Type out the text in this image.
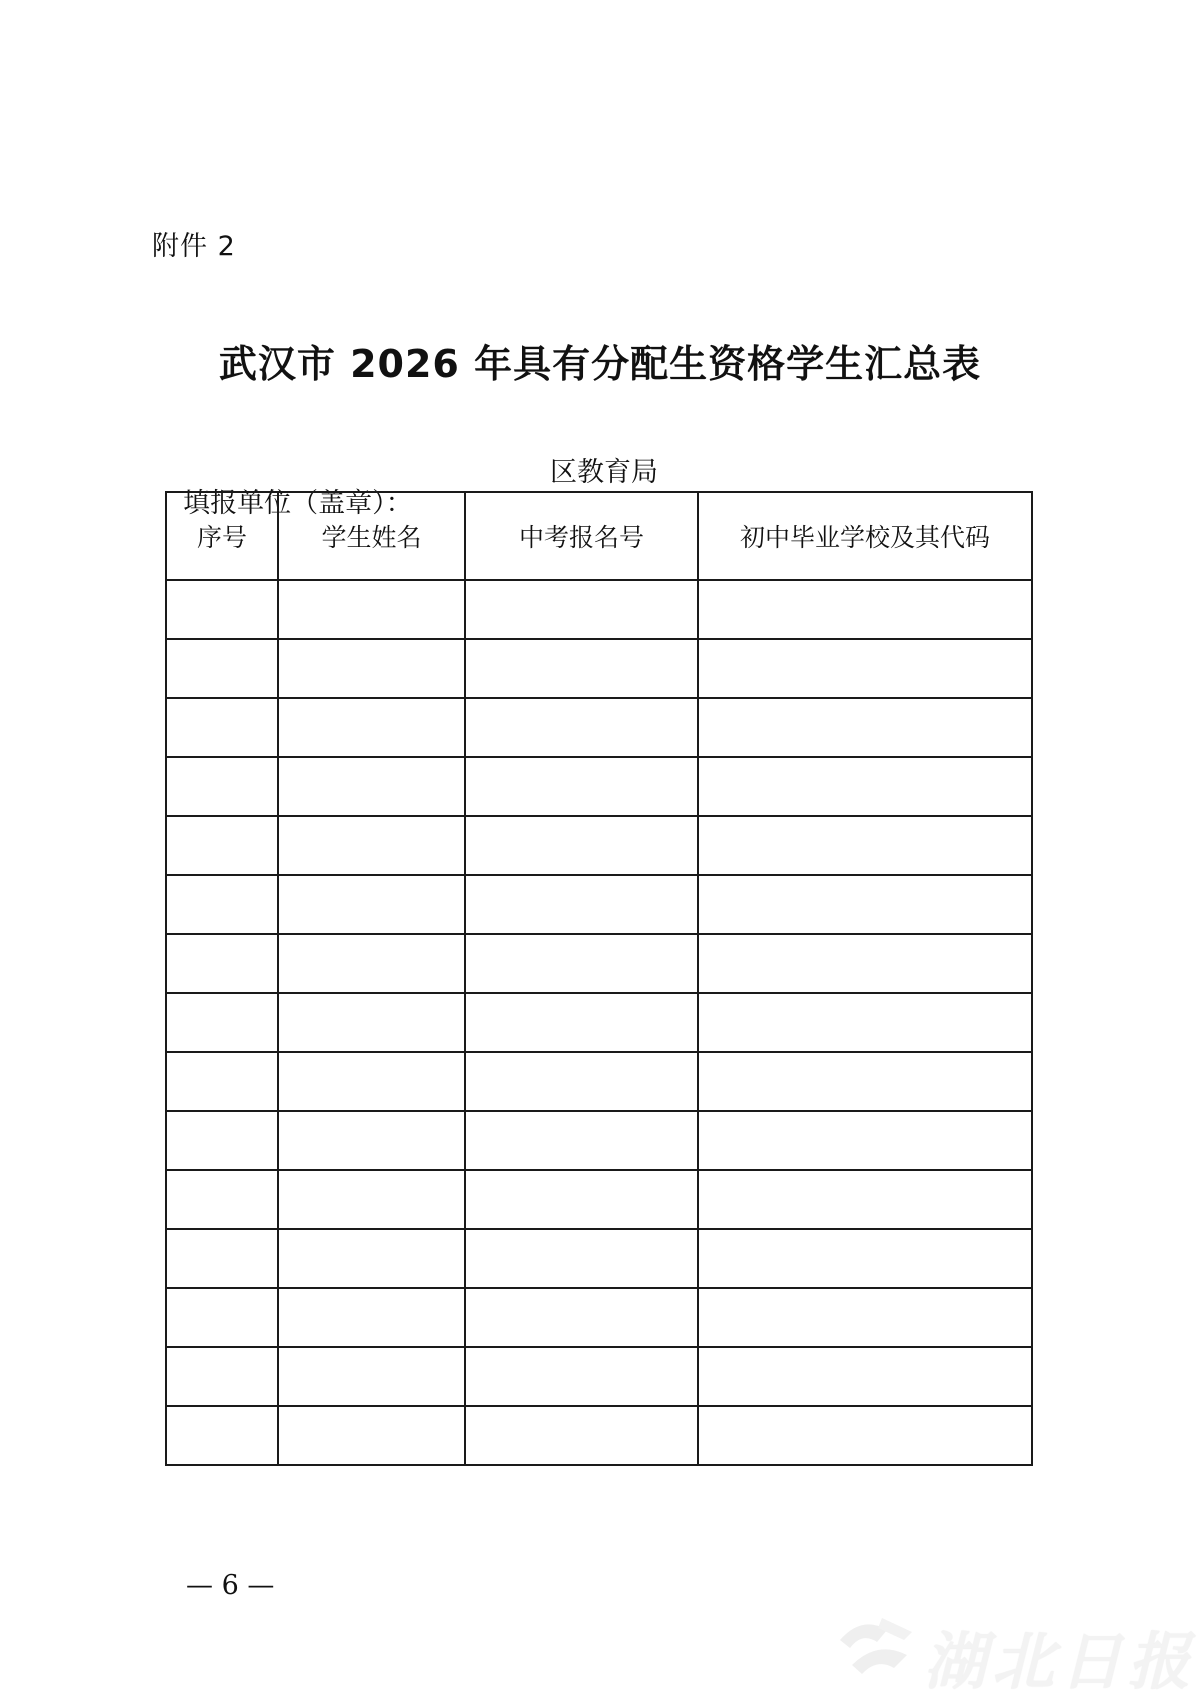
附件 2
武汉市 2026 年具有分配生资格学生汇总表

填报单位（盖章）：

区教育局

序号	学生姓名	中考报名号	初中毕业学校及其代码

— 6 —
湖北日报
